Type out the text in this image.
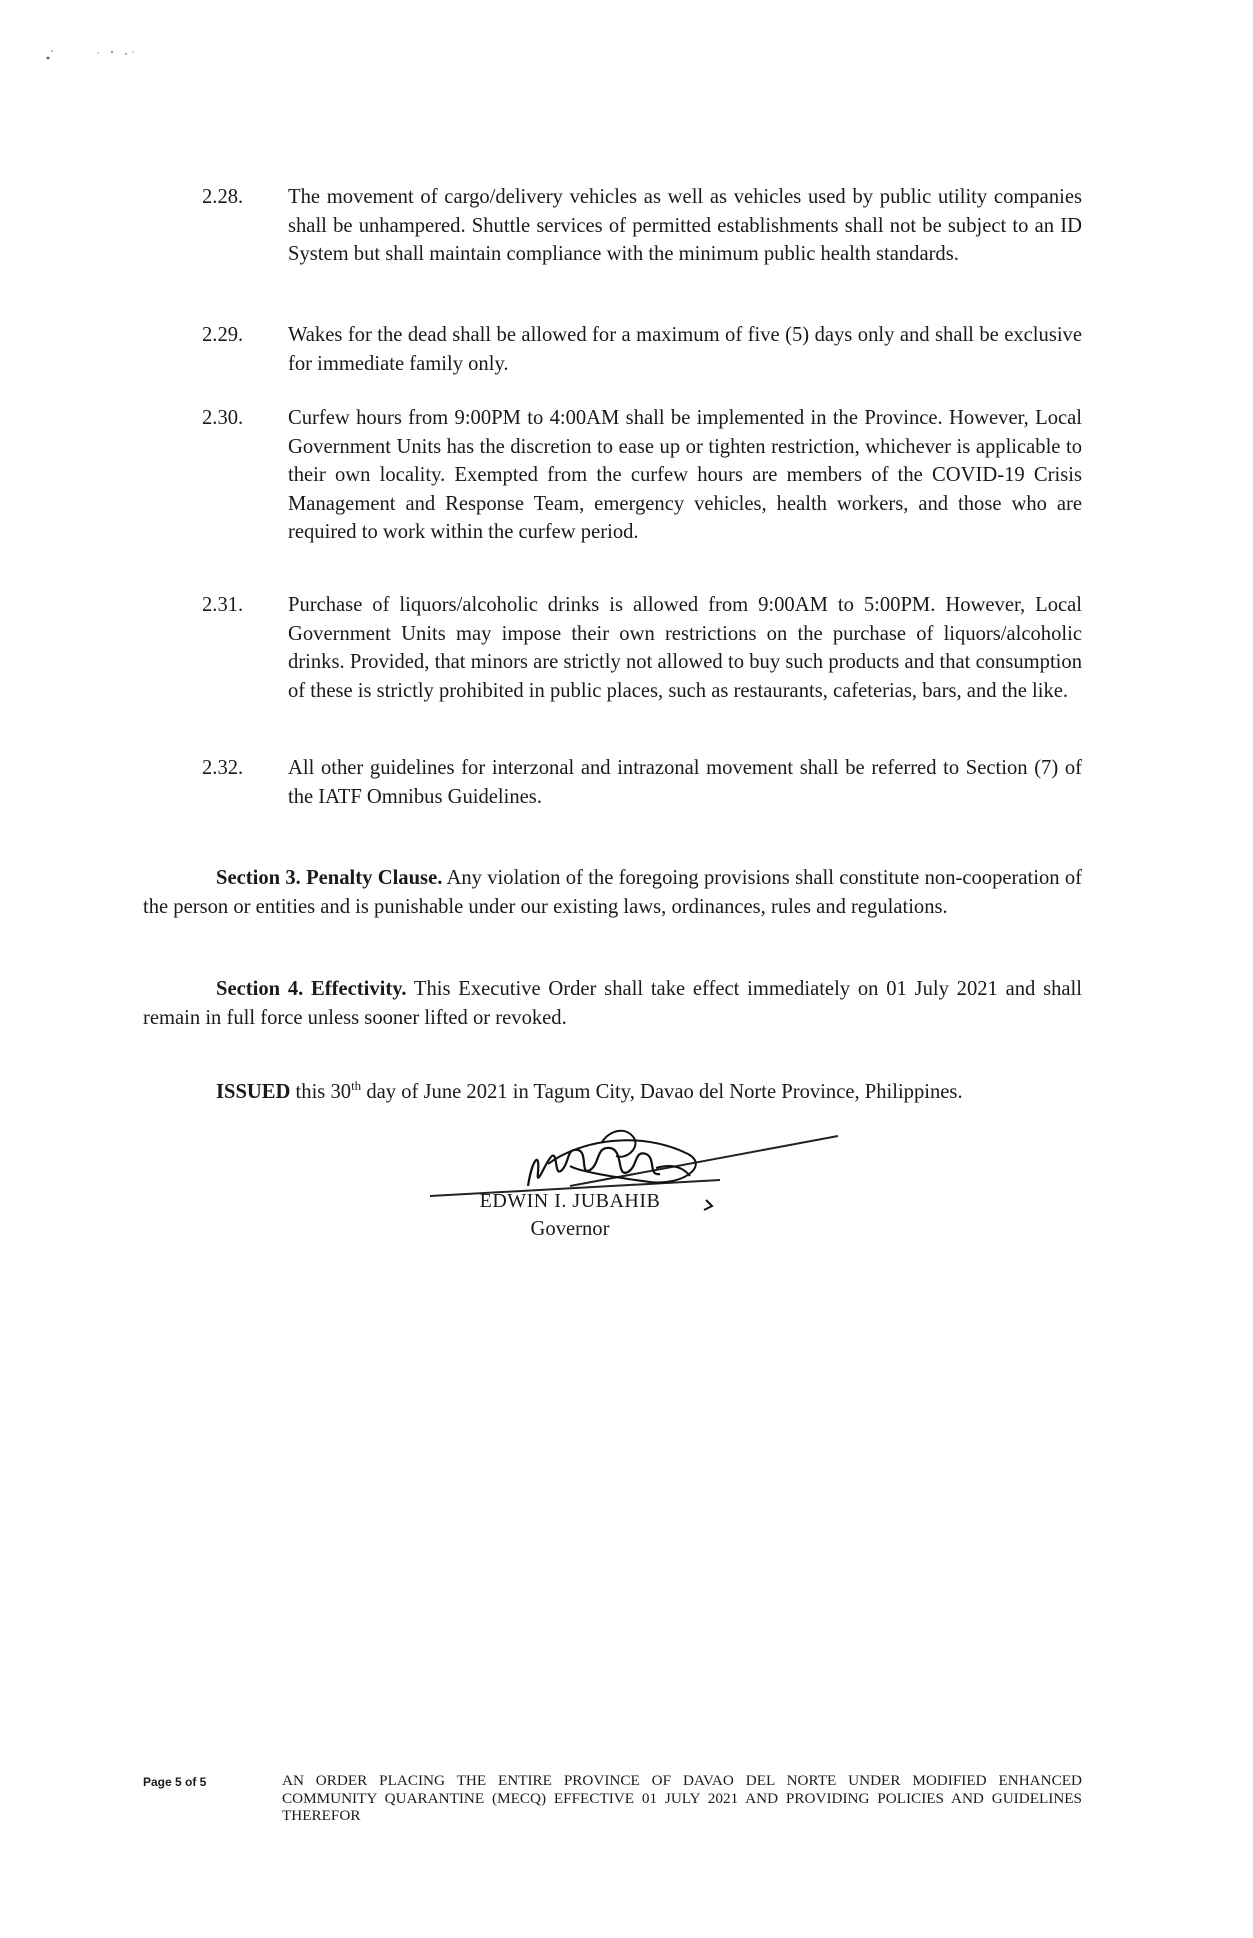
2.28.	The movement of cargo/delivery vehicles as well as vehicles used by public utility companies shall be unhampered. Shuttle services of permitted establishments shall not be subject to an ID System but shall maintain compliance with the minimum public health standards.
2.29.	Wakes for the dead shall be allowed for a maximum of five (5) days only and shall be exclusive for immediate family only.
2.30.	Curfew hours from 9:00PM to 4:00AM shall be implemented in the Province. However, Local Government Units has the discretion to ease up or tighten restriction, whichever is applicable to their own locality. Exempted from the curfew hours are members of the COVID-19 Crisis Management and Response Team, emergency vehicles, health workers, and those who are required to work within the curfew period.
2.31.	Purchase of liquors/alcoholic drinks is allowed from 9:00AM to 5:00PM. However, Local Government Units may impose their own restrictions on the purchase of liquors/alcoholic drinks. Provided, that minors are strictly not allowed to buy such products and that consumption of these is strictly prohibited in public places, such as restaurants, cafeterias, bars, and the like.
2.32.	All other guidelines for interzonal and intrazonal movement shall be referred to Section (7) of the IATF Omnibus Guidelines.
Section 3. Penalty Clause. Any violation of the foregoing provisions shall constitute non-cooperation of the person or entities and is punishable under our existing laws, ordinances, rules and regulations.
Section 4. Effectivity. This Executive Order shall take effect immediately on 01 July 2021 and shall remain in full force unless sooner lifted or revoked.
ISSUED this 30th day of June 2021 in Tagum City, Davao del Norte Province, Philippines.
EDWIN I. JUBAHIB
Governor
Page 5 of 5	AN ORDER PLACING THE ENTIRE PROVINCE OF DAVAO DEL NORTE UNDER MODIFIED ENHANCED COMMUNITY QUARANTINE (MECQ) EFFECTIVE 01 JULY 2021 AND PROVIDING POLICIES AND GUIDELINES THEREFOR
